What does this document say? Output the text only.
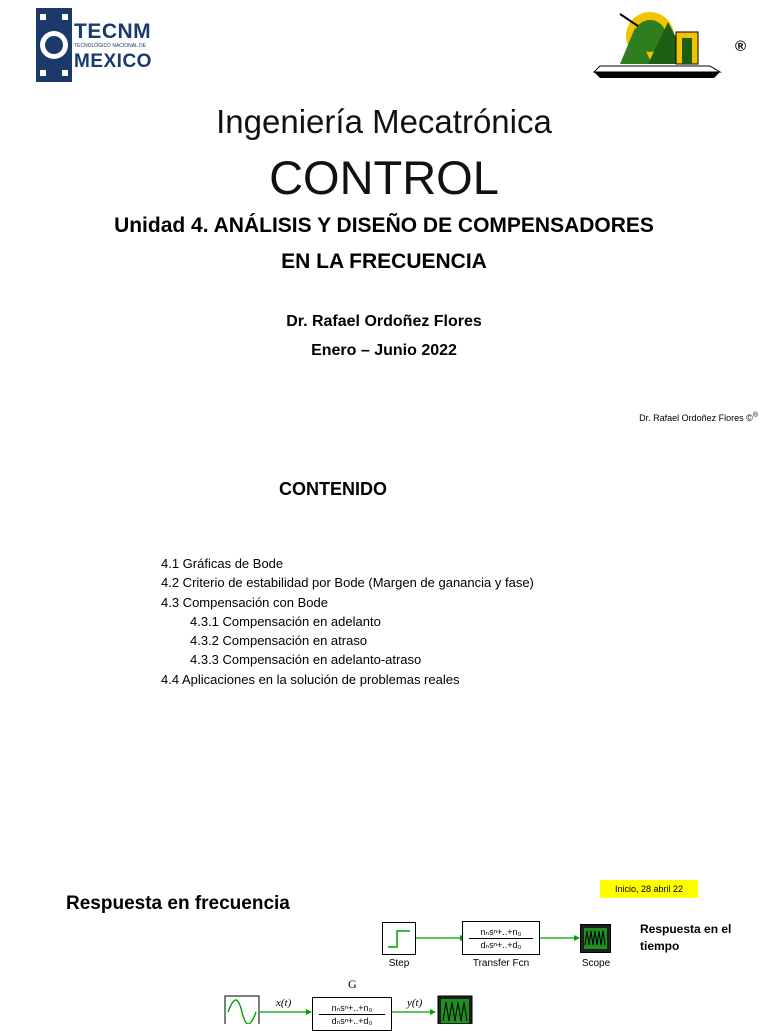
TECNM
TECNOLÓGICO NACIONAL DE
MEXICO
®
Ingeniería Mecatrónica
CONTROL
Unidad 4. ANÁLISIS Y DISEÑO DE COMPENSADORES
EN LA FRECUENCIA
Dr. Rafael Ordoñez Flores
Enero – Junio 2022
Dr. Rafael Ordoñez Flores ©®
CONTENIDO
4.1 Gráficas de Bode
4.2 Criterio de estabilidad por Bode (Margen de ganancia y fase)
4.3 Compensación con Bode
4.3.1 Compensación en adelanto
4.3.2 Compensación en atraso
4.3.3 Compensación en adelanto-atraso
4.4 Aplicaciones en la solución de problemas reales
Inicio, 28 abril 22
Respuesta en frecuencia
Respuesta en el
tiempo
Step
nₙsⁿ+..+n₀
dₙsⁿ+..+d₀
Transfer Fcn	Scope
G
x(t)	y(t)
nₙsⁿ+..+n₀
dₙsⁿ+..+d₀
